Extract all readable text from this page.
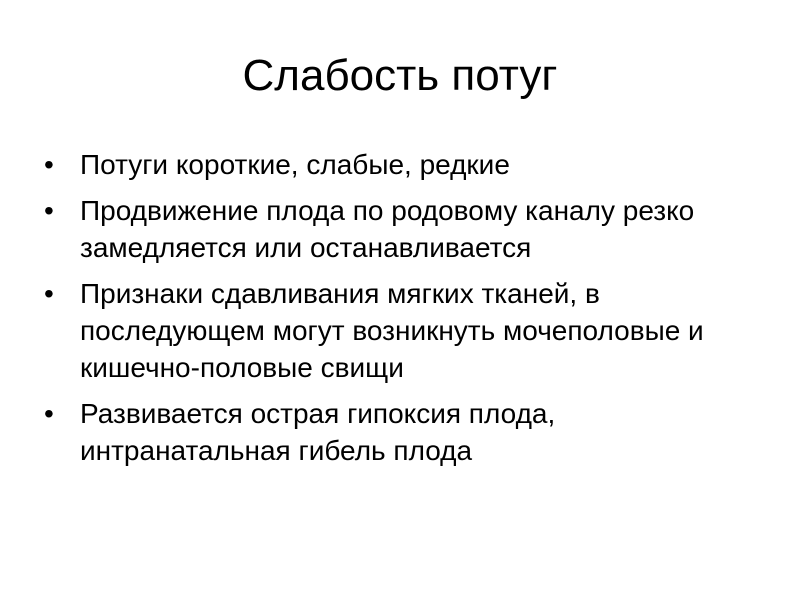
Слабость потуг
• Потуги короткие, слабые, редкие
• Продвижение плода по родовому каналу резко замедляется или останавливается
• Признаки сдавливания мягких тканей, в последующем могут возникнуть мочеполовые и кишечно-половые свищи
• Развивается острая гипоксия плода, интранатальная гибель плода
